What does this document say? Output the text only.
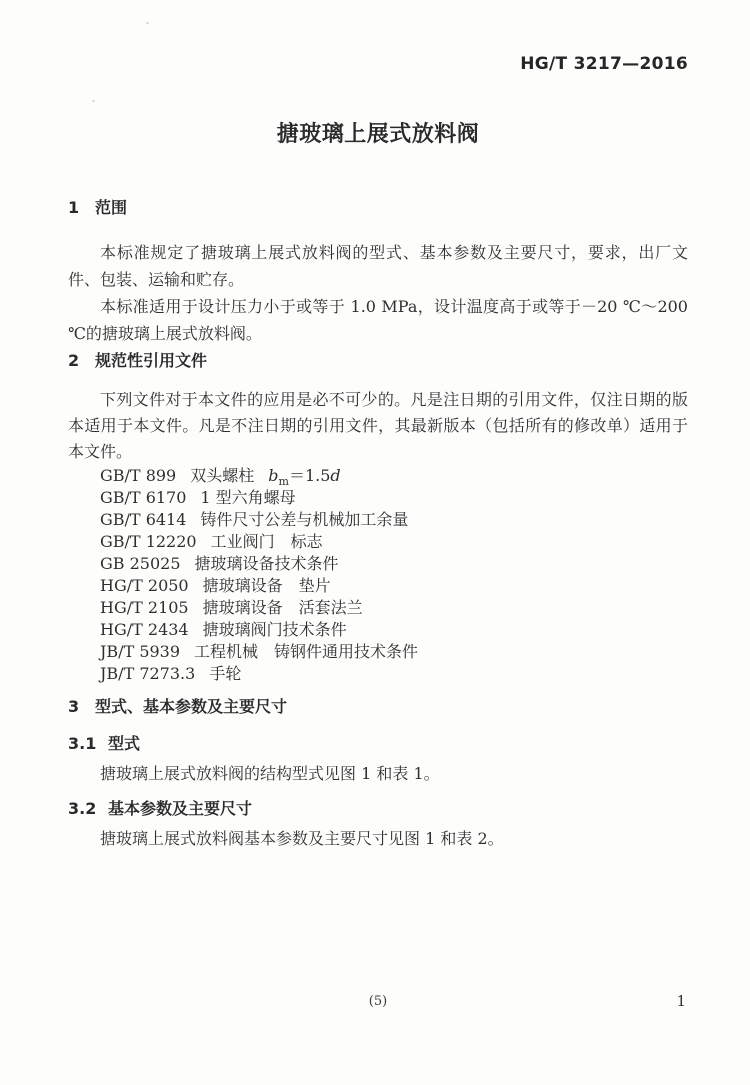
HG/T 3217—2016
搪玻璃上展式放料阀
1 范围

本标准规定了搪玻璃上展式放料阀的型式、基本参数及主要尺寸，要求，出厂文件、包装、运输和贮存。

本标准适用于设计压力小于或等于 1.0 MPa，设计温度高于或等于－20 ℃～200 ℃的搪玻璃上展式放料阀。

2 规范性引用文件

下列文件对于本文件的应用是必不可少的。凡是注日期的引用文件，仅注日期的版本适用于本文件。凡是不注日期的引用文件，其最新版本（包括所有的修改单）适用于本文件。

GB/T 899 双头螺柱 $b_m=1.5d$
GB/T 6170 1 型六角螺母
GB/T 6414 铸件尺寸公差与机械加工余量
GB/T 12220 工业阀门　标志
GB 25025 搪玻璃设备技术条件
HG/T 2050 搪玻璃设备　垫片
HG/T 2105 搪玻璃设备　活套法兰
HG/T 2434 搪玻璃阀门技术条件
JB/T 5939 工程机械　铸钢件通用技术条件
JB/T 7273.3 手轮
3 型式、基本参数及主要尺寸
3.1 型式

搪玻璃上展式放料阀的结构型式见图 1 和表 1。

3.2 基本参数及主要尺寸

搪玻璃上展式放料阀基本参数及主要尺寸见图 1 和表 2。

(5)	1
